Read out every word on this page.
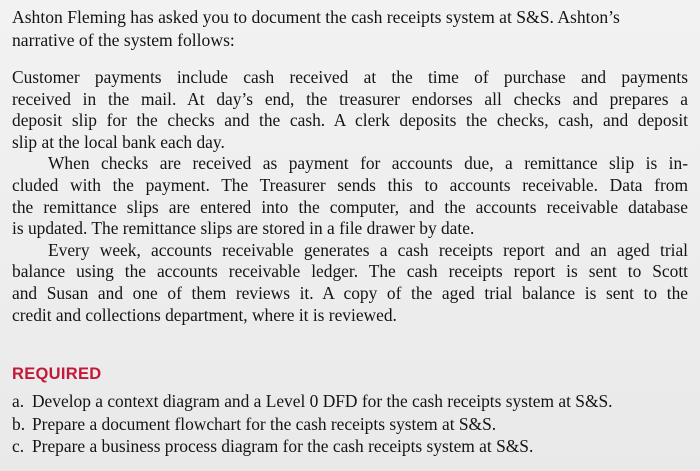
Ashton Fleming has asked you to document the cash receipts system at S&S. Ashton’s
narrative of the system follows:

Customer payments include cash received at the time of purchase and payments
received in the mail. At day’s end, the treasurer endorses all checks and prepares a
deposit slip for the checks and the cash. A clerk deposits the checks, cash, and deposit
slip at the local bank each day.
When checks are received as payment for accounts due, a remittance slip is in-
cluded with the payment. The Treasurer sends this to accounts receivable. Data from
the remittance slips are entered into the computer, and the accounts receivable database
is updated. The remittance slips are stored in a file drawer by date.
Every week, accounts receivable generates a cash receipts report and an aged trial
balance using the accounts receivable ledger. The cash receipts report is sent to Scott
and Susan and one of them reviews it. A copy of the aged trial balance is sent to the
credit and collections department, where it is reviewed.
REQUIRED
a. Develop a context diagram and a Level 0 DFD for the cash receipts system at S&S.
b. Prepare a document flowchart for the cash receipts system at S&S.
c. Prepare a business process diagram for the cash receipts system at S&S.
